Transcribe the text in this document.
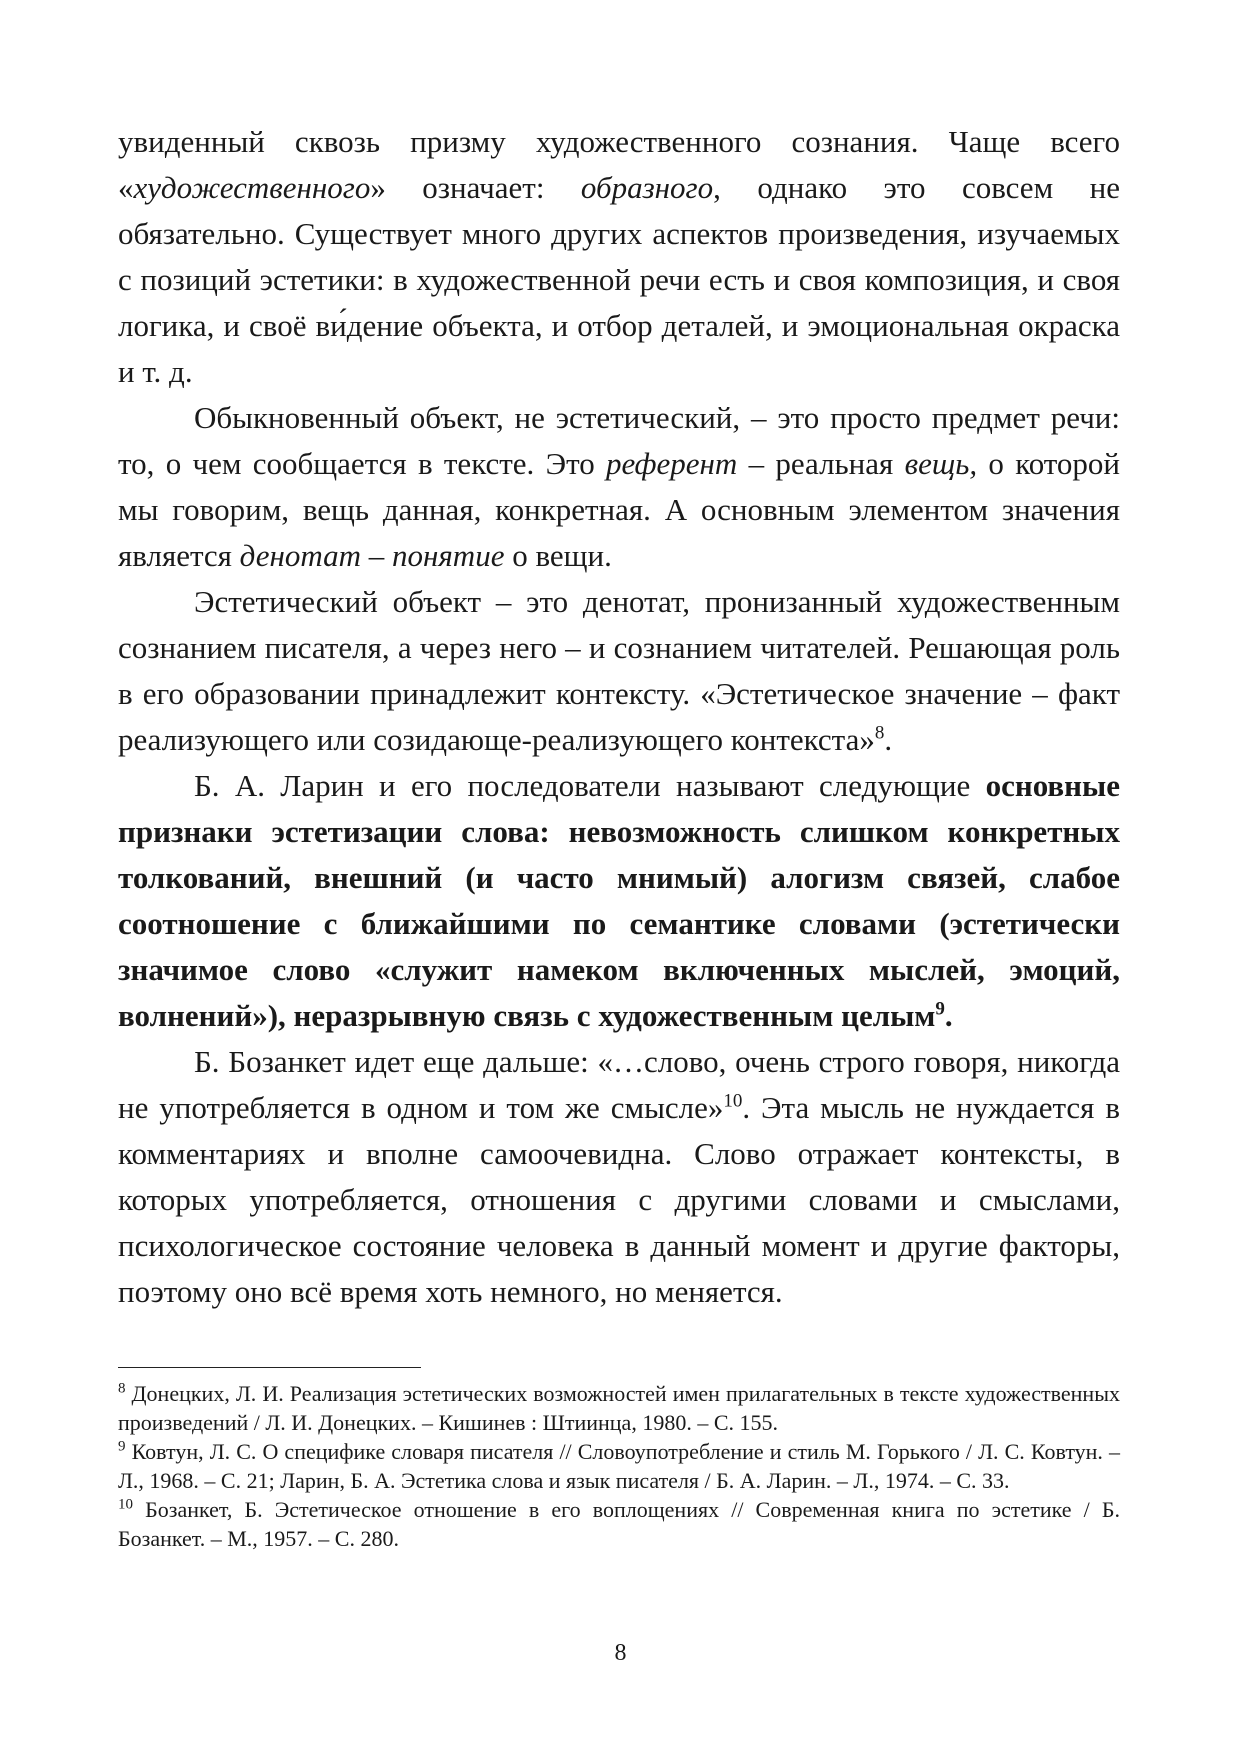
увиденный сквозь призму художественного сознания. Чаще всего «художественного» означает: образного, однако это совсем не обязательно. Существует много других аспектов произведения, изучаемых с позиций эстетики: в художественной речи есть и своя композиция, и своя логика, и своё ви́дение объекта, и отбор деталей, и эмоциональная окраска и т. д.

Обыкновенный объект, не эстетический, – это просто предмет речи: то, о чем сообщается в тексте. Это референт – реальная вещь, о которой мы говорим, вещь данная, конкретная. А основным элементом значения является денотат – понятие о вещи.

Эстетический объект – это денотат, пронизанный художественным сознанием писателя, а через него – и сознанием читателей. Решающая роль в его образовании принадлежит контексту. «Эстетическое значение – факт реализующего или созидающе-реализующего контекста»$^8$.

Б. А. Ларин и его последователи называют следующие основные признаки эстетизации слова: невозможность слишком конкретных толкований, внешний (и часто мнимый) алогизм связей, слабое соотношение с ближайшими по семантике словами (эстетически значимое слово «служит намеком включенных мыслей, эмоций, волнений»), неразрывную связь с художественным целым$^9$.

Б. Бозанкет идет еще дальше: «…слово, очень строго говоря, никогда не употребляется в одном и том же смысле»$^{10}$. Эта мысль не нуждается в комментариях и вполне самоочевидна. Слово отражает контексты, в которых употребляется, отношения с другими словами и смыслами, психологическое состояние человека в данный момент и другие факторы, поэтому оно всё время хоть немного, но меняется.

$^8$ Донецких, Л. И. Реализация эстетических возможностей имен прилагательных в тексте художественных произведений / Л. И. Донецких. – Кишинев : Штиинца, 1980. – С. 155.

$^9$ Ковтун, Л. С. О специфике словаря писателя // Словоупотребление и стиль М. Горького / Л. С. Ковтун. – Л., 1968. – С. 21; Ларин, Б. А. Эстетика слова и язык писателя / Б. А. Ларин. – Л., 1974. – С. 33.

$^{10}$ Бозанкет, Б. Эстетическое отношение в его воплощениях // Современная книга по эстетике / Б. Бозанкет. – М., 1957. – С. 280.

8
